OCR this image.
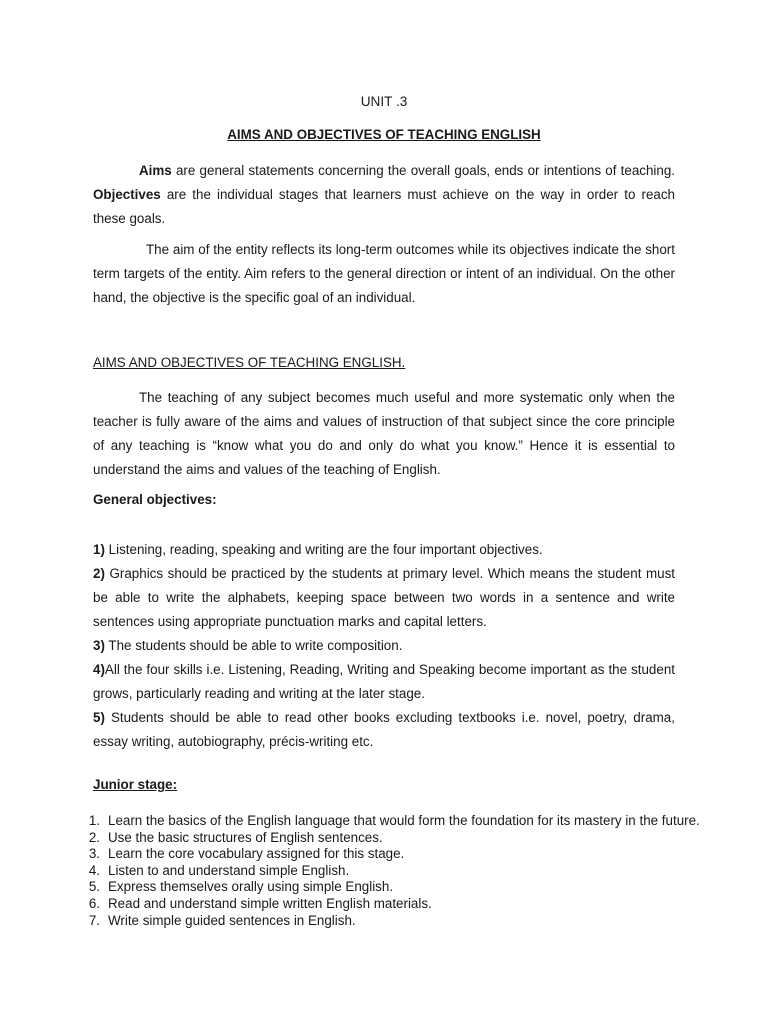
UNIT .3
AIMS AND OBJECTIVES OF TEACHING ENGLISH
Aims are general statements concerning the overall goals, ends or intentions of teaching. Objectives are the individual stages that learners must achieve on the way in order to reach these goals.
The aim of the entity reflects its long-term outcomes while its objectives indicate the short term targets of the entity. Aim refers to the general direction or intent of an individual. On the other hand, the objective is the specific goal of an individual.
AIMS AND OBJECTIVES OF TEACHING ENGLISH.
The teaching of any subject becomes much useful and more systematic only when the teacher is fully aware of the aims and values of instruction of that subject since the core principle of any teaching is “know what you do and only do what you know.” Hence it is essential to understand the aims and values of the teaching of English.
General objectives:

1) Listening, reading, speaking and writing are the four important objectives.

2) Graphics should be practiced by the students at primary level. Which means the student must be able to write the alphabets, keeping space between two words in a sentence and write sentences using appropriate punctuation marks and capital letters.

3) The students should be able to write composition.

4)All the four skills i.e. Listening, Reading, Writing and Speaking become important as the student grows, particularly reading and writing at the later stage.

5) Students should be able to read other books excluding textbooks i.e. novel, poetry, drama, essay writing, autobiography, précis-writing etc.

Junior stage:
1. Learn the basics of the English language that would form the foundation for its mastery in the future.
2. Use the basic structures of English sentences.
3. Learn the core vocabulary assigned for this stage.
4. Listen to and understand simple English.
5. Express themselves orally using simple English.
6. Read and understand simple written English materials.
7. Write simple guided sentences in English.
